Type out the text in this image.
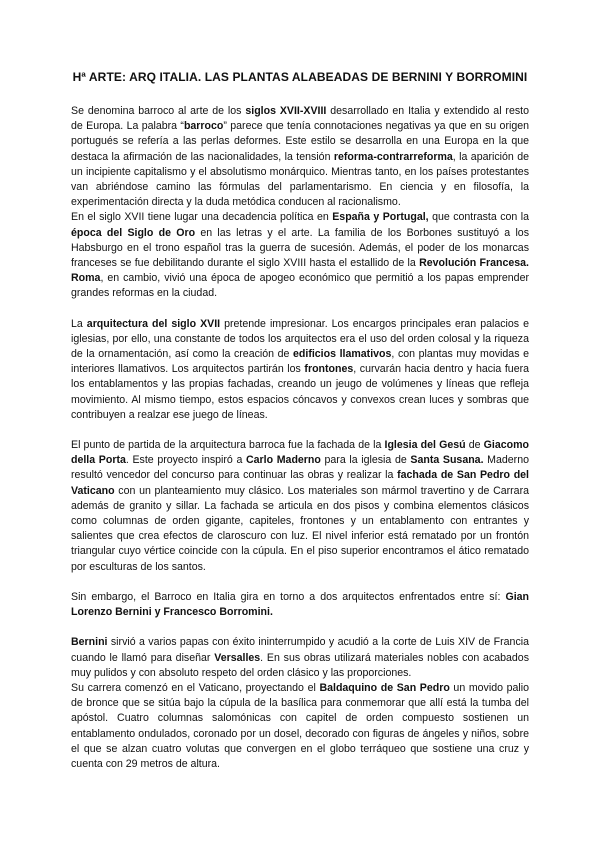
Hª ARTE: ARQ ITALIA. LAS PLANTAS ALABEADAS DE BERNINI Y BORROMINI

Se denomina barroco al arte de los siglos XVII-XVIII desarrollado en Italia y extendido al resto de Europa. La palabra “barroco” parece que tenía connotaciones negativas ya que en su origen portugués se refería a las perlas deformes. Este estilo se desarrolla en una Europa en la que destaca la afirmación de las nacionalidades, la tensión reforma-contrarreforma, la aparición de un incipiente capitalismo y el absolutismo monárquico. Mientras tanto, en los países protestantes van abriéndose camino las fórmulas del parlamentarismo. En ciencia y en filosofía, la experimentación directa y la duda metódica conducen al racionalismo.

En el siglo XVII tiene lugar una decadencia política en España y Portugal, que contrasta con la época del Siglo de Oro en las letras y el arte. La familia de los Borbones sustituyó a los Habsburgo en el trono español tras la guerra de sucesión. Además, el poder de los monarcas franceses se fue debilitando durante el siglo XVIII hasta el estallido de la Revolución Francesa. Roma, en cambio, vivió una época de apogeo económico que permitió a los papas emprender grandes reformas en la ciudad.

La arquitectura del siglo XVII pretende impresionar. Los encargos principales eran palacios e iglesias, por ello, una constante de todos los arquitectos era el uso del orden colosal y la riqueza de la ornamentación, así como la creación de edificios llamativos, con plantas muy movidas e interiores llamativos. Los arquitectos partirán los frontones, curvarán hacia dentro y hacia fuera los entablamentos y las propias fachadas, creando un jeugo de volúmenes y líneas que refleja movimiento. Al mismo tiempo, estos espacios cóncavos y convexos crean luces y sombras que contribuyen a realzar ese juego de líneas.

El punto de partida de la arquitectura barroca fue la fachada de la Iglesia del Gesú de Giacomo della Porta. Este proyecto inspiró a Carlo Maderno para la iglesia de Santa Susana. Maderno resultó vencedor del concurso para continuar las obras y realizar la fachada de San Pedro del Vaticano con un planteamiento muy clásico. Los materiales son mármol travertino y de Carrara además de granito y sillar. La fachada se articula en dos pisos y combina elementos clásicos como columnas de orden gigante, capiteles, frontones y un entablamento con entrantes y salientes que crea efectos de claroscuro con luz. El nivel inferior está rematado por un frontón triangular cuyo vértice coincide con la cúpula. En el piso superior encontramos el ático rematado por esculturas de los santos.

Sin embargo, el Barroco en Italia gira en torno a dos arquitectos enfrentados entre sí: Gian Lorenzo Bernini y Francesco Borromini.

Bernini sirvió a varios papas con éxito ininterrumpido y acudió a la corte de Luis XIV de Francia cuando le llamó para diseñar Versalles. En sus obras utilizará materiales nobles con acabados muy pulidos y con absoluto respeto del orden clásico y las proporciones.

Su carrera comenzó en el Vaticano, proyectando el Baldaquino de San Pedro un movido palio de bronce que se sitúa bajo la cúpula de la basílica para conmemorar que allí está la tumba del apóstol. Cuatro columnas salomónicas con capitel de orden compuesto sostienen un entablamento ondulados, coronado por un dosel, decorado con figuras de ángeles y niños, sobre el que se alzan cuatro volutas que convergen en el globo terráqueo que sostiene una cruz y cuenta con 29 metros de altura.
